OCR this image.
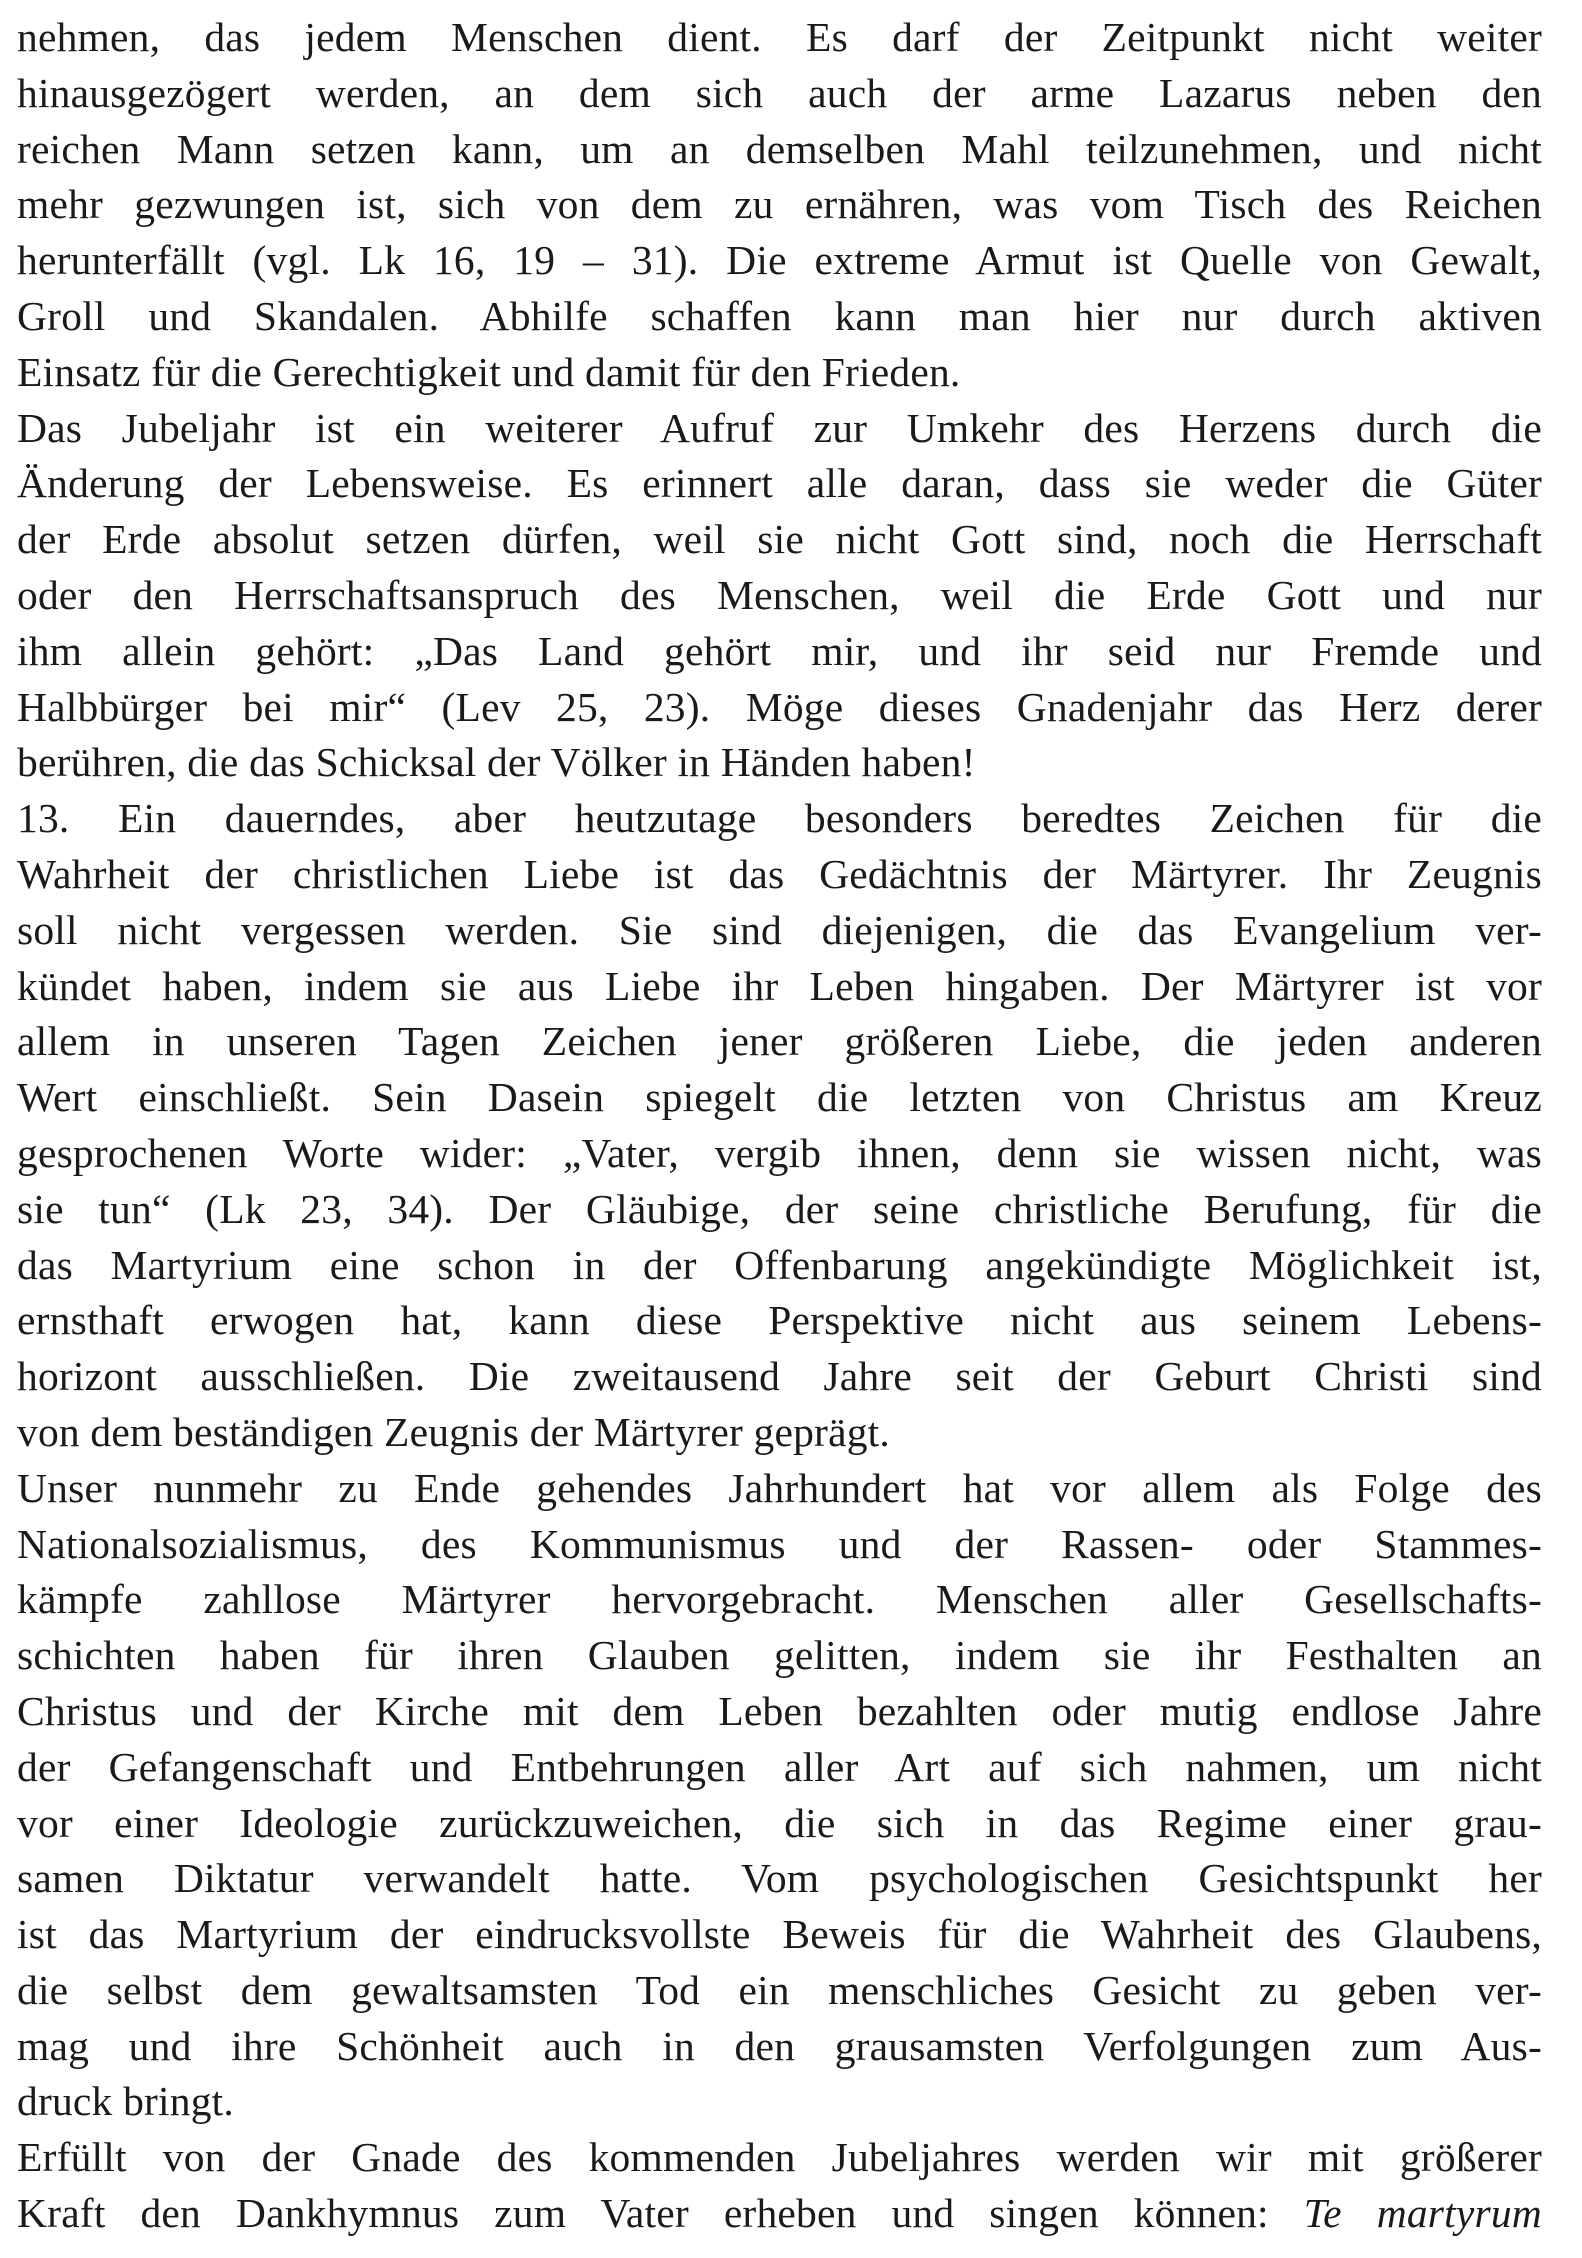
nehmen, das jedem Menschen dient. Es darf der Zeitpunkt nicht weiter
hinausgezögert werden, an dem sich auch der arme Lazarus neben den
reichen Mann setzen kann, um an demselben Mahl teilzunehmen, und nicht
mehr gezwungen ist, sich von dem zu ernähren, was vom Tisch des Reichen
herunterfällt (vgl. Lk 16, 19 – 31). Die extreme Armut ist Quelle von Gewalt,
Groll und Skandalen. Abhilfe schaffen kann man hier nur durch aktiven
Einsatz für die Gerechtigkeit und damit für den Frieden.
Das Jubeljahr ist ein weiterer Aufruf zur Umkehr des Herzens durch die
Änderung der Lebensweise. Es erinnert alle daran, dass sie weder die Güter
der Erde absolut setzen dürfen, weil sie nicht Gott sind, noch die Herrschaft
oder den Herrschaftsanspruch des Menschen, weil die Erde Gott und nur
ihm allein gehört: „Das Land gehört mir, und ihr seid nur Fremde und
Halbbürger bei mir“ (Lev 25, 23). Möge dieses Gnadenjahr das Herz derer
berühren, die das Schicksal der Völker in Händen haben!
13. Ein dauerndes, aber heutzutage besonders beredtes Zeichen für die
Wahrheit der christlichen Liebe ist das Gedächtnis der Märtyrer. Ihr Zeugnis
soll nicht vergessen werden. Sie sind diejenigen, die das Evangelium ver-
kündet haben, indem sie aus Liebe ihr Leben hingaben. Der Märtyrer ist vor
allem in unseren Tagen Zeichen jener größeren Liebe, die jeden anderen
Wert einschließt. Sein Dasein spiegelt die letzten von Christus am Kreuz
gesprochenen Worte wider: „Vater, vergib ihnen, denn sie wissen nicht, was
sie tun“ (Lk 23, 34). Der Gläubige, der seine christliche Berufung, für die
das Martyrium eine schon in der Offenbarung angekündigte Möglichkeit ist,
ernsthaft erwogen hat, kann diese Perspektive nicht aus seinem Lebens-
horizont ausschließen. Die zweitausend Jahre seit der Geburt Christi sind
von dem beständigen Zeugnis der Märtyrer geprägt.
Unser nunmehr zu Ende gehendes Jahrhundert hat vor allem als Folge des
Nationalsozialismus, des Kommunismus und der Rassen- oder Stammes-
kämpfe zahllose Märtyrer hervorgebracht. Menschen aller Gesellschafts-
schichten haben für ihren Glauben gelitten, indem sie ihr Festhalten an
Christus und der Kirche mit dem Leben bezahlten oder mutig endlose Jahre
der Gefangenschaft und Entbehrungen aller Art auf sich nahmen, um nicht
vor einer Ideologie zurückzuweichen, die sich in das Regime einer grau-
samen Diktatur verwandelt hatte. Vom psychologischen Gesichtspunkt her
ist das Martyrium der eindrucksvollste Beweis für die Wahrheit des Glaubens,
die selbst dem gewaltsamsten Tod ein menschliches Gesicht zu geben ver-
mag und ihre Schönheit auch in den grausamsten Verfolgungen zum Aus-
druck bringt.
Erfüllt von der Gnade des kommenden Jubeljahres werden wir mit größerer
Kraft den Dankhymnus zum Vater erheben und singen können: Te martyrum
